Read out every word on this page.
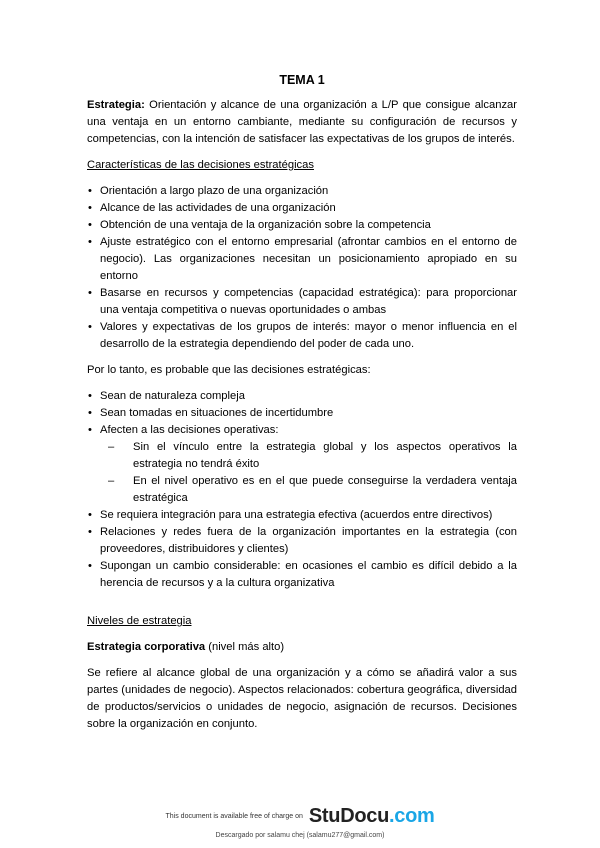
TEMA 1

Estrategia: Orientación y alcance de una organización a L/P que consigue alcanzar una ventaja en un entorno cambiante, mediante su configuración de recursos y competencias, con la intención de satisfacer las expectativas de los grupos de interés.

Características de las decisiones estratégicas

• Orientación a largo plazo de una organización
• Alcance de las actividades de una organización
• Obtención de una ventaja de la organización sobre la competencia
• Ajuste estratégico con el entorno empresarial (afrontar cambios en el entorno de negocio). Las organizaciones necesitan un posicionamiento apropiado en su entorno
• Basarse en recursos y competencias (capacidad estratégica): para proporcionar una ventaja competitiva o nuevas oportunidades o ambas
• Valores y expectativas de los grupos de interés: mayor o menor influencia en el desarrollo de la estrategia dependiendo del poder de cada uno.

Por lo tanto, es probable que las decisiones estratégicas:

• Sean de naturaleza compleja
• Sean tomadas en situaciones de incertidumbre
• Afecten a las decisiones operativas:
– Sin el vínculo entre la estrategia global y los aspectos operativos la estrategia no tendrá éxito
– En el nivel operativo es en el que puede conseguirse la verdadera ventaja estratégica
• Se requiera integración para una estrategia efectiva (acuerdos entre directivos)
• Relaciones y redes fuera de la organización importantes en la estrategia (con proveedores, distribuidores y clientes)
• Supongan un cambio considerable: en ocasiones el cambio es difícil debido a la herencia de recursos y a la cultura organizativa

Niveles de estrategia

Estrategia corporativa (nivel más alto)

Se refiere al alcance global de una organización y a cómo se añadirá valor a sus partes (unidades de negocio). Aspectos relacionados: cobertura geográfica, diversidad de productos/servicios o unidades de negocio, asignación de recursos. Decisiones sobre la organización en conjunto.

This document is available free of charge on StuDocu.com
Descargado por salamu chej (salamu277@gmail.com)
